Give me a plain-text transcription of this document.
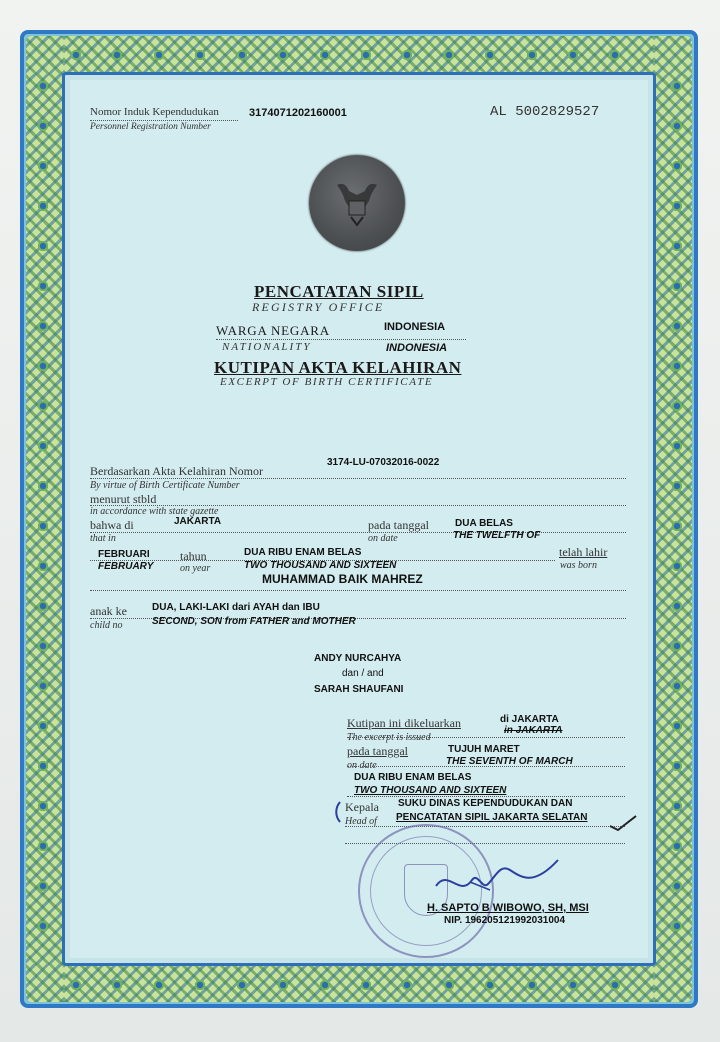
Nomor Induk Kependudukan
Personnel Registration Number
3174071202160001	AL 5002829527
PENCATATAN SIPIL
REGISTRY OFFICE
WARGA NEGARA
NATIONALITY
INDONESIA
INDONESIA
KUTIPAN AKTA KELAHIRAN
EXCERPT OF BIRTH CERTIFICATE
Berdasarkan Akta Kelahiran Nomor
By virtue of Birth Certificate Number
3174-LU-07032016-0022
menurut stbld
in accordance with state gazette
bahwa di
that in
JAKARTA	pada tanggal
on date
DUA BELAS
THE TWELFTH OF
FEBRUARI
FEBRUARY
tahun
on year
DUA RIBU ENAM BELAS
TWO THOUSAND AND SIXTEEN
telah lahir
was born
MUHAMMAD BAIK MAHREZ
anak ke
child no
DUA, LAKI-LAKI dari AYAH dan IBU
SECOND, SON from FATHER and MOTHER
ANDY NURCAHYA
dan / and
SARAH SHAUFANI
Kutipan ini dikeluarkan
The excerpt is issued
di JAKARTA
in JAKARTA
pada tanggal
on date
TUJUH MARET
THE SEVENTH OF MARCH
DUA RIBU ENAM BELAS
TWO THOUSAND AND SIXTEEN
Kepala
Head of
SUKU DINAS KEPENDUDUKAN DAN
PENCATATAN SIPIL JAKARTA SELATAN
H. SAPTO B WIBOWO, SH, MSI
NIP. 196205121992031004
